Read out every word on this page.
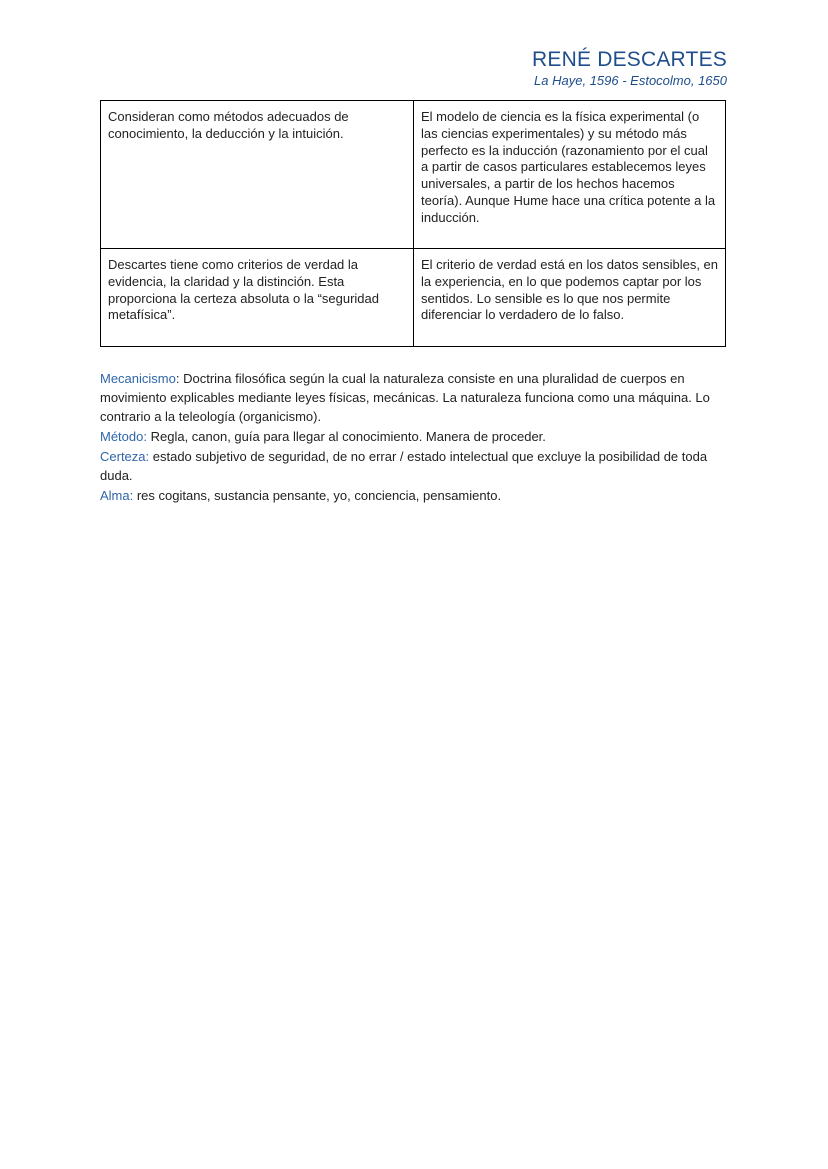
RENÉ DESCARTES
La Haye, 1596 - Estocolmo, 1650
Consideran como métodos adecuados de conocimiento, la deducción y la intuición.	El modelo de ciencia es la física experimental (o las ciencias experimentales) y su método más perfecto es la inducción (razonamiento por el cual a partir de casos particulares establecemos leyes universales, a partir de los hechos hacemos teoría). Aunque Hume hace una crítica potente a la inducción.
Descartes tiene como criterios de verdad la evidencia, la claridad y la distinción. Esta proporciona la certeza absoluta o la “seguridad metafísica”.	El criterio de verdad está en los datos sensibles, en la experiencia, en lo que podemos captar por los sentidos. Lo sensible es lo que nos permite diferenciar lo verdadero de lo falso.

Mecanicismo: Doctrina filosófica según la cual la naturaleza consiste en una pluralidad de cuerpos en movimiento explicables mediante leyes físicas, mecánicas. La naturaleza funciona como una máquina. Lo contrario a la teleología (organicismo).

Método: Regla, canon, guía para llegar al conocimiento. Manera de proceder.

Certeza: estado subjetivo de seguridad, de no errar / estado intelectual que excluye la posibilidad de toda duda.

Alma: res cogitans, sustancia pensante, yo, conciencia, pensamiento.
